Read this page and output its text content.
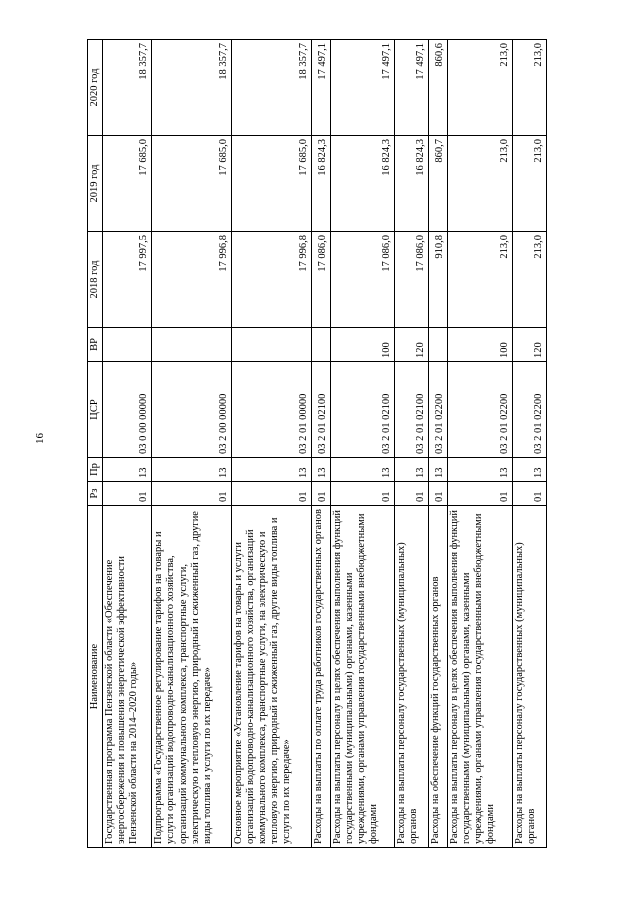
16
Наименование	Рз	Пр	ЦСР	ВР	2018 год	2019 год	2020 год
Государственная программа Пензенской области «Обеспечение энергосбережения и повышения энергетической эффективности Пензенской области на 2014–2020 годы»	01	13	03 0 00 00000		17 997,5	17 685,0	18 357,7
Подпрограмма «Государственное регулирование тарифов на товары и услуги организаций водопроводно-канализационного хозяйства, организаций коммунального комплекса, транспортные услуги, электрическую и тепловую энергию, природный и сжиженный газ, другие виды топлива и услуги по их передаче»	01	13	03 2 00 00000		17 996,8	17 685,0	18 357,7
Основное мероприятие «Установление тарифов на товары и услуги организаций водопроводно-канализационного хозяйства, организаций коммунального комплекса, транспортные услуги, на электрическую и тепловую энергию, природный и сжиженный газ, другие виды топлива и услуги по их передаче»	01	13	03 2 01 00000		17 996,8	17 685,0	18 357,7
Расходы на выплаты по оплате труда работников государственных органов	01	13	03 2 01 02100		17 086,0	16 824,3	17 497,1
Расходы на выплаты персоналу в целях обеспечения выполнения функций государственными (муниципальными) органами, казенными учреждениями, органами управления государственными внебюджетными фондами	01	13	03 2 01 02100	100	17 086,0	16 824,3	17 497,1
Расходы на выплаты персоналу государственных (муниципальных) органов	01	13	03 2 01 02100	120	17 086,0	16 824,3	17 497,1
Расходы на обеспечение функций государственных органов	01	13	03 2 01 02200		910,8	860,7	860,6
Расходы на выплаты персоналу в целях обеспечения выполнения функций государственными (муниципальными) органами, казенными учреждениями, органами управления государственными внебюджетными фондами	01	13	03 2 01 02200	100	213,0	213,0	213,0
Расходы на выплаты персоналу государственных (муниципальных) органов	01	13	03 2 01 02200	120	213,0	213,0	213,0
